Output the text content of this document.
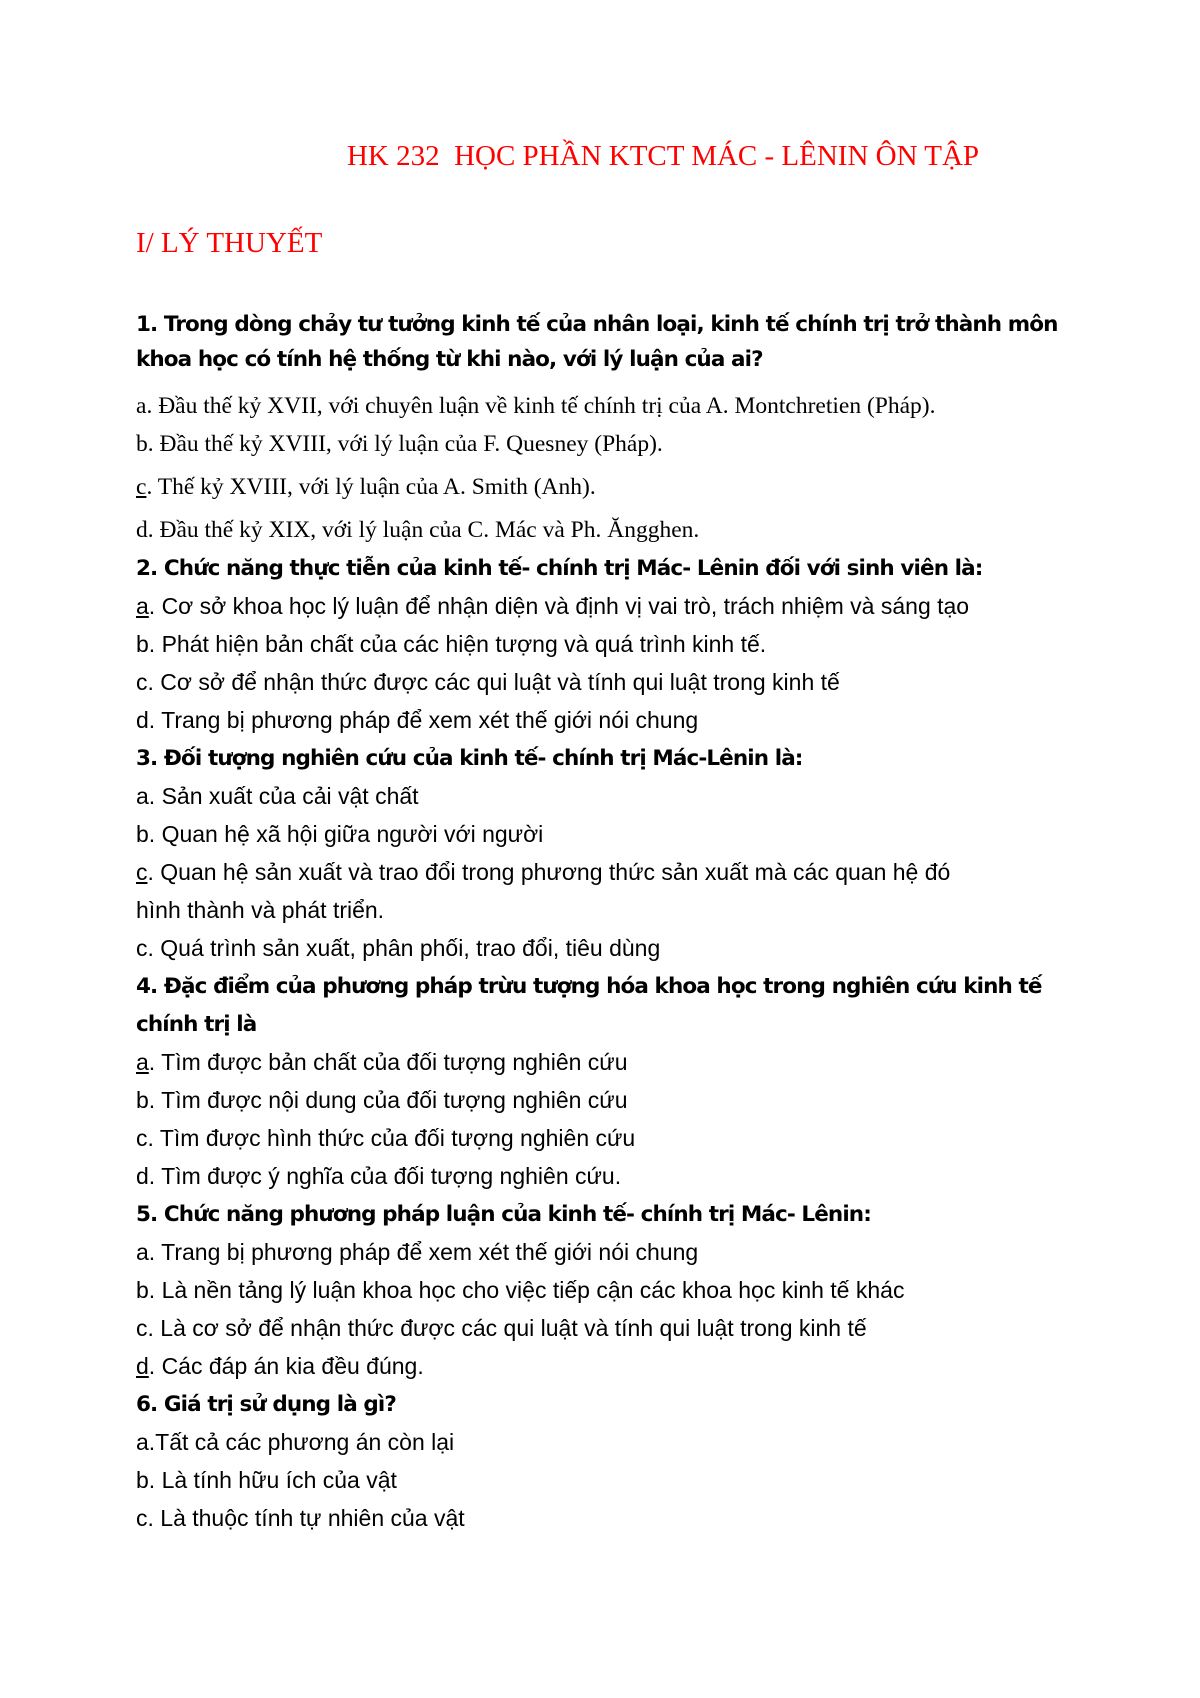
HK 232  HỌC PHẦN KTCT MÁC - LÊNIN ÔN TẬP
I/ LÝ THUYẾT
1. Trong dòng chảy tư tưởng kinh tế của nhân loại, kinh tế chính trị trở thành môn
khoa học có tính hệ thống từ khi nào, với lý luận của ai?
a. Đầu thế kỷ XVII, với chuyên luận về kinh tế chính trị của A. Montchretien (Pháp).
b. Đầu thế kỷ XVIII, với lý luận của F. Quesney (Pháp).
c. Thế kỷ XVIII, với lý luận của A. Smith (Anh).
d. Đầu thế kỷ XIX, với lý luận của C. Mác và Ph. Ăngghen.
2. Chức năng thực tiễn của kinh tế- chính trị Mác- Lênin đối với sinh viên là:
a. Cơ sở khoa học lý luận để nhận diện và định vị vai trò, trách nhiệm và sáng tạo
b. Phát hiện bản chất của các hiện tượng và quá trình kinh tế.
c. Cơ sở để nhận thức được các qui luật và tính qui luật trong kinh tế
d. Trang bị phương pháp để xem xét thế giới nói chung
3. Đối tượng nghiên cứu của kinh tế- chính trị Mác-Lênin là:
a. Sản xuất của cải vật chất
b. Quan hệ xã hội giữa người với người
c. Quan hệ sản xuất và trao đổi trong phương thức sản xuất mà các quan hệ đó
hình thành và phát triển.
c. Quá trình sản xuất, phân phối, trao đổi, tiêu dùng
4. Đặc điểm của phương pháp trừu tượng hóa khoa học trong nghiên cứu kinh tế
chính trị là
a. Tìm được bản chất của đối tượng nghiên cứu
b. Tìm được nội dung của đối tượng nghiên cứu
c. Tìm được hình thức của đối tượng nghiên cứu
d. Tìm được ý nghĩa của đối tượng nghiên cứu.
5. Chức năng phương pháp luận của kinh tế- chính trị Mác- Lênin:
a. Trang bị phương pháp để xem xét thế giới nói chung
b. Là nền tảng lý luận khoa học cho việc tiếp cận các khoa học kinh tế khác
c. Là cơ sở để nhận thức được các qui luật và tính qui luật trong kinh tế
d. Các đáp án kia đều đúng.
6. Giá trị sử dụng là gì?
a.Tất cả các phương án còn lại
b. Là tính hữu ích của vật
c. Là thuộc tính tự nhiên của vật
